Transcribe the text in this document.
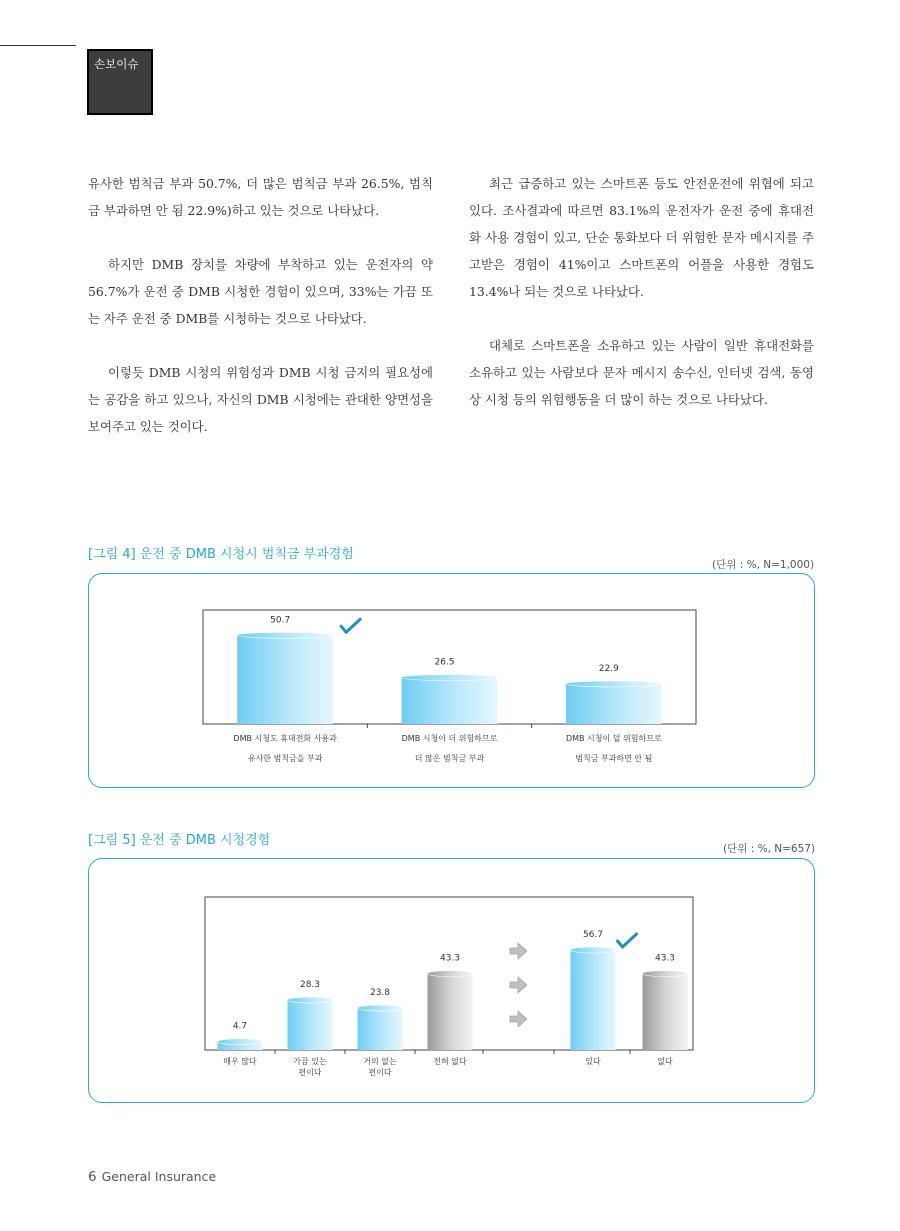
손보이슈

유사한 범칙금 부과 50.7%, 더 많은 범칙금 부과 26.5%, 범칙금 부과하면 안 됨 22.9%)하고 있는 것으로 나타났다.

하지만 DMB 장치를 차량에 부착하고 있는 운전자의 약 56.7%가 운전 중 DMB 시청한 경험이 있으며, 33%는 가끔 또는 자주 운전 중 DMB를 시청하는 것으로 나타났다.

이렇듯 DMB 시청의 위험성과 DMB 시청 금지의 필요성에는 공감을 하고 있으나, 자신의 DMB 시청에는 관대한 양면성을 보여주고 있는 것이다.

최근 급증하고 있는 스마트폰 등도 안전운전에 위협에 되고 있다. 조사결과에 따르면 83.1%의 운전자가 운전 중에 휴대전화 사용 경험이 있고, 단순 통화보다 더 위험한 문자 메시지를 주고받은 경험이 41%이고 스마트폰의 어플을 사용한 경험도 13.4%나 되는 것으로 나타났다.

대체로 스마트폰을 소유하고 있는 사람이 일반 휴대전화를 소유하고 있는 사람보다 문자 메시지 송수신, 인터넷 검색, 동영상 시청 등의 위험행동을 더 많이 하는 것으로 나타났다.

[그림 4] 운전 중 DMB 시청시 범칙금 부과경험
(단위 : %, N=1,000)
50.7
DMB 시청도 휴대전화 사용과
유사한 범칙금을 부과
26.5
DMB 시청이 더 위험하므로
더 많은 범칙금 부과
22.9
DMB 시청이 덜 위험하므로
범칙금 부과하면 안 됨
[그림 5] 운전 중 DMB 시청경험
(단위 : %, N=657)
4.7
매우 많다
28.3
가끔 있는
편이다
23.8
거의 없는
편이다
43.3
전혀 없다
56.7
있다
43.3
없다
6 General Insurance
